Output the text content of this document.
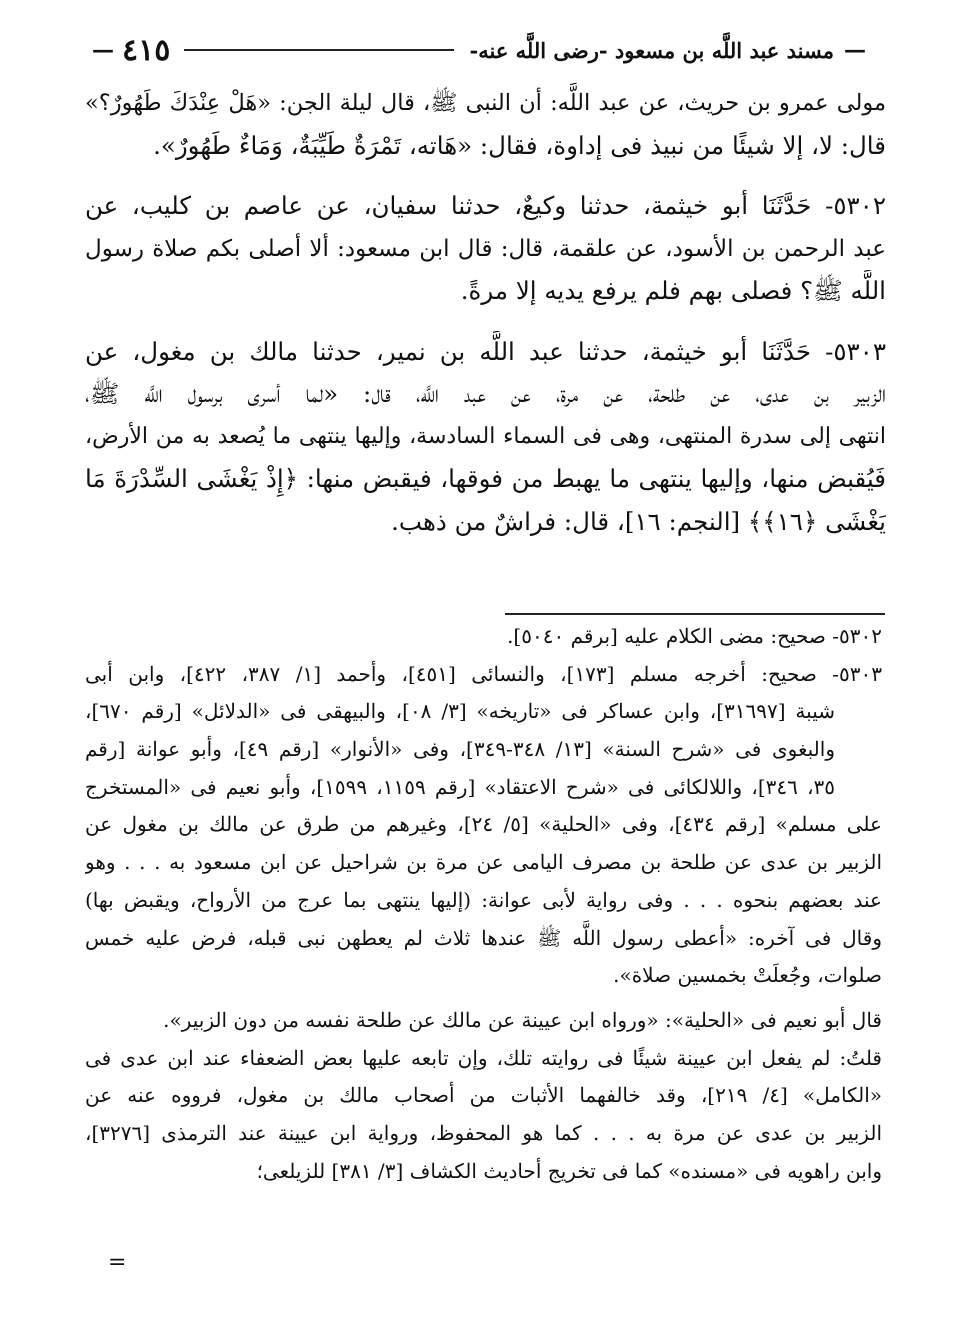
—
مسند عبد اللَّه بن مسعود -رضى اللَّه عنه-
٤١٥
—
مولى عمرو بن حريث، عن عبد اللَّه: أن النبى ﷺ، قال ليلة الجن: «هَلْ عِنْدَكَ طَهُورٌ؟»
قال: لا، إلا شيئًا من نبيذ فى إداوة، فقال: «هَاته، تَمْرَةٌ طَيِّبَةٌ، وَمَاءٌ طَهُورٌ».
٥٣٠٢- حَدَّثَنَا أبو خيثمة، حدثنا وكيعٌ، حدثنا سفيان، عن عاصم بن كليب، عن
عبد الرحمن بن الأسود، عن علقمة، قال: قال ابن مسعود: ألا أصلى بكم صلاة رسول
اللَّه ﷺ؟ فصلى بهم فلم يرفع يديه إلا مرةً.
٥٣٠٣- حَدَّثَنَا أبو خيثمة، حدثنا عبد اللَّه بن نمير، حدثنا مالك بن مغول، عن
الزبير بن عدى، عن طلحة، عن مرة، عن عبد اللَّه، قال: «لما أسرى برسول اللَّه ﷺ،
انتهى إلى سدرة المنتهى، وهى فى السماء السادسة، وإليها ينتهى ما يُصعد به من الأرض،
فَيُقبض منها، وإليها ينتهى ما يهبط من فوقها، فيقبض منها: ﴿إِذْ يَغْشَى السِّدْرَةَ مَا
يَغْشَى ﴿١٦﴾﴾ [النجم: ١٦]، قال: فراشٌ من ذهب.
٥٣٠٢- صحيح: مضى الكلام عليه [برقم ٥٠٤٠].
٥٣٠٣- صحيح: أخرجه مسلم [١٧٣]، والنسائى [٤٥١]، وأحمد [١/ ٣٨٧، ٤٢٢]، وابن أبى
شيبة [٣١٦٩٧]، وابن عساكر فى «تاريخه» [٣/ ٠٨]، والبيهقى فى «الدلائل» [رقم ٦٧٠]،
والبغوى فى «شرح السنة» [١٣/ ٣٤٨-٣٤٩]، وفى «الأنوار» [رقم ٤٩]، وأبو عوانة [رقم
٣٥، ٣٤٦]، واللالكائى فى «شرح الاعتقاد» [رقم ١١٥٩، ١٥٩٩]، وأبو نعيم فى «المستخرج
على مسلم» [رقم ٤٣٤]، وفى «الحلية» [٥/ ٢٤]، وغيرهم من طرق عن مالك بن مغول عن
الزبير بن عدى عن طلحة بن مصرف اليامى عن مرة بن شراحيل عن ابن مسعود به . . . وهو
عند بعضهم بنحوه . . . وفى رواية لأبى عوانة: (إليها ينتهى بما عرج من الأرواح، ويقبض بها)
وقال فى آخره: «أعطى رسول اللَّه ﷺ عندها ثلاث لم يعطهن نبى قبله، فرض عليه خمس
صلوات، وجُعلَتْ بخمسين صلاة».
قال أبو نعيم فى «الحلية»: «ورواه ابن عيينة عن مالك عن طلحة نفسه من دون الزبير».
قلتُ: لم يفعل ابن عيينة شيئًا فى روايته تلك، وإن تابعه عليها بعض الضعفاء عند ابن عدى فى
«الكامل» [٤/ ٢١٩]، وقد خالفهما الأثبات من أصحاب مالك بن مغول، فرووه عنه عن
الزبير بن عدى عن مرة به . . . كما هو المحفوظ، ورواية ابن عيينة عند الترمذى [٣٢٧٦]،
وابن راهويه فى «مسنده» كما فى تخريج أحاديث الكشاف [٣/ ٣٨١] للزيلعى؛
=
